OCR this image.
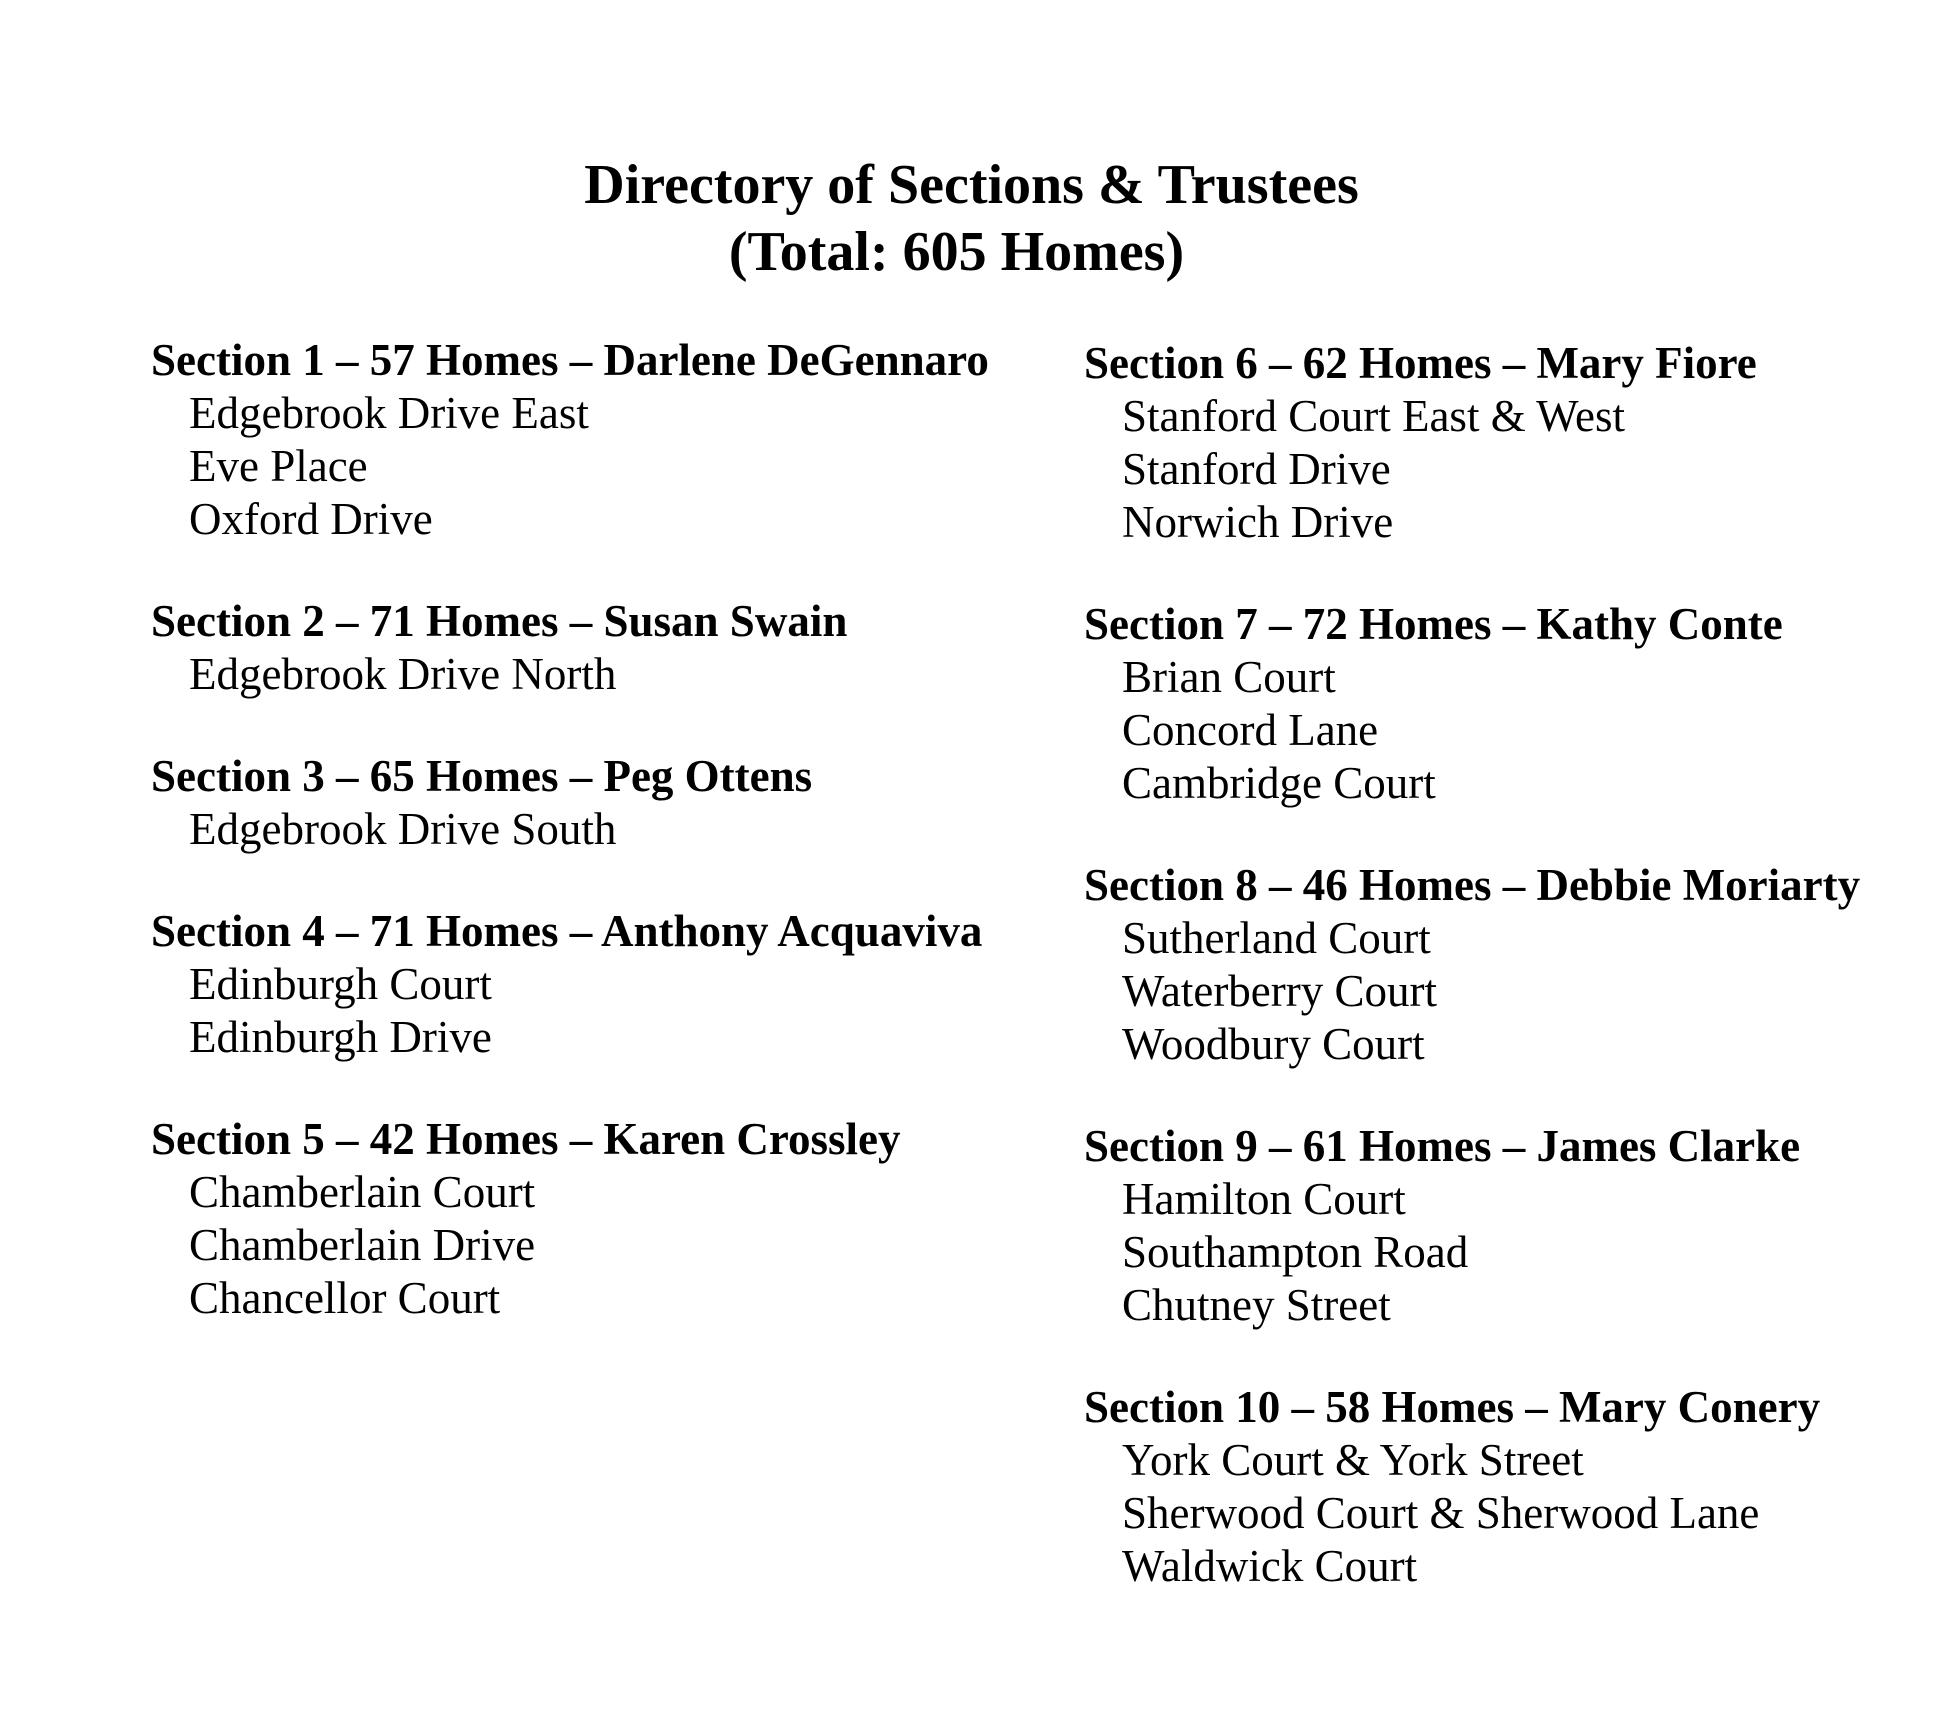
Directory of Sections & Trustees
(Total: 605 Homes)
Section 1 – 57 Homes – Darlene DeGennaro
Edgebrook Drive East
Eve Place
Oxford Drive
Section 2 – 71 Homes – Susan Swain
Edgebrook Drive North
Section 3 – 65 Homes – Peg Ottens
Edgebrook Drive South
Section 4 – 71 Homes – Anthony Acquaviva
Edinburgh Court
Edinburgh Drive
Section 5 – 42 Homes – Karen Crossley
Chamberlain Court
Chamberlain Drive
Chancellor Court
Section 6 – 62 Homes – Mary Fiore
Stanford Court East & West
Stanford Drive
Norwich Drive
Section 7 – 72 Homes – Kathy Conte
Brian Court
Concord Lane
Cambridge Court
Section 8 – 46 Homes – Debbie Moriarty
Sutherland Court
Waterberry Court
Woodbury Court
Section 9 – 61 Homes – James Clarke
Hamilton Court
Southampton Road
Chutney Street
Section 10 – 58 Homes – Mary Conery
York Court & York Street
Sherwood Court & Sherwood Lane
Waldwick Court
